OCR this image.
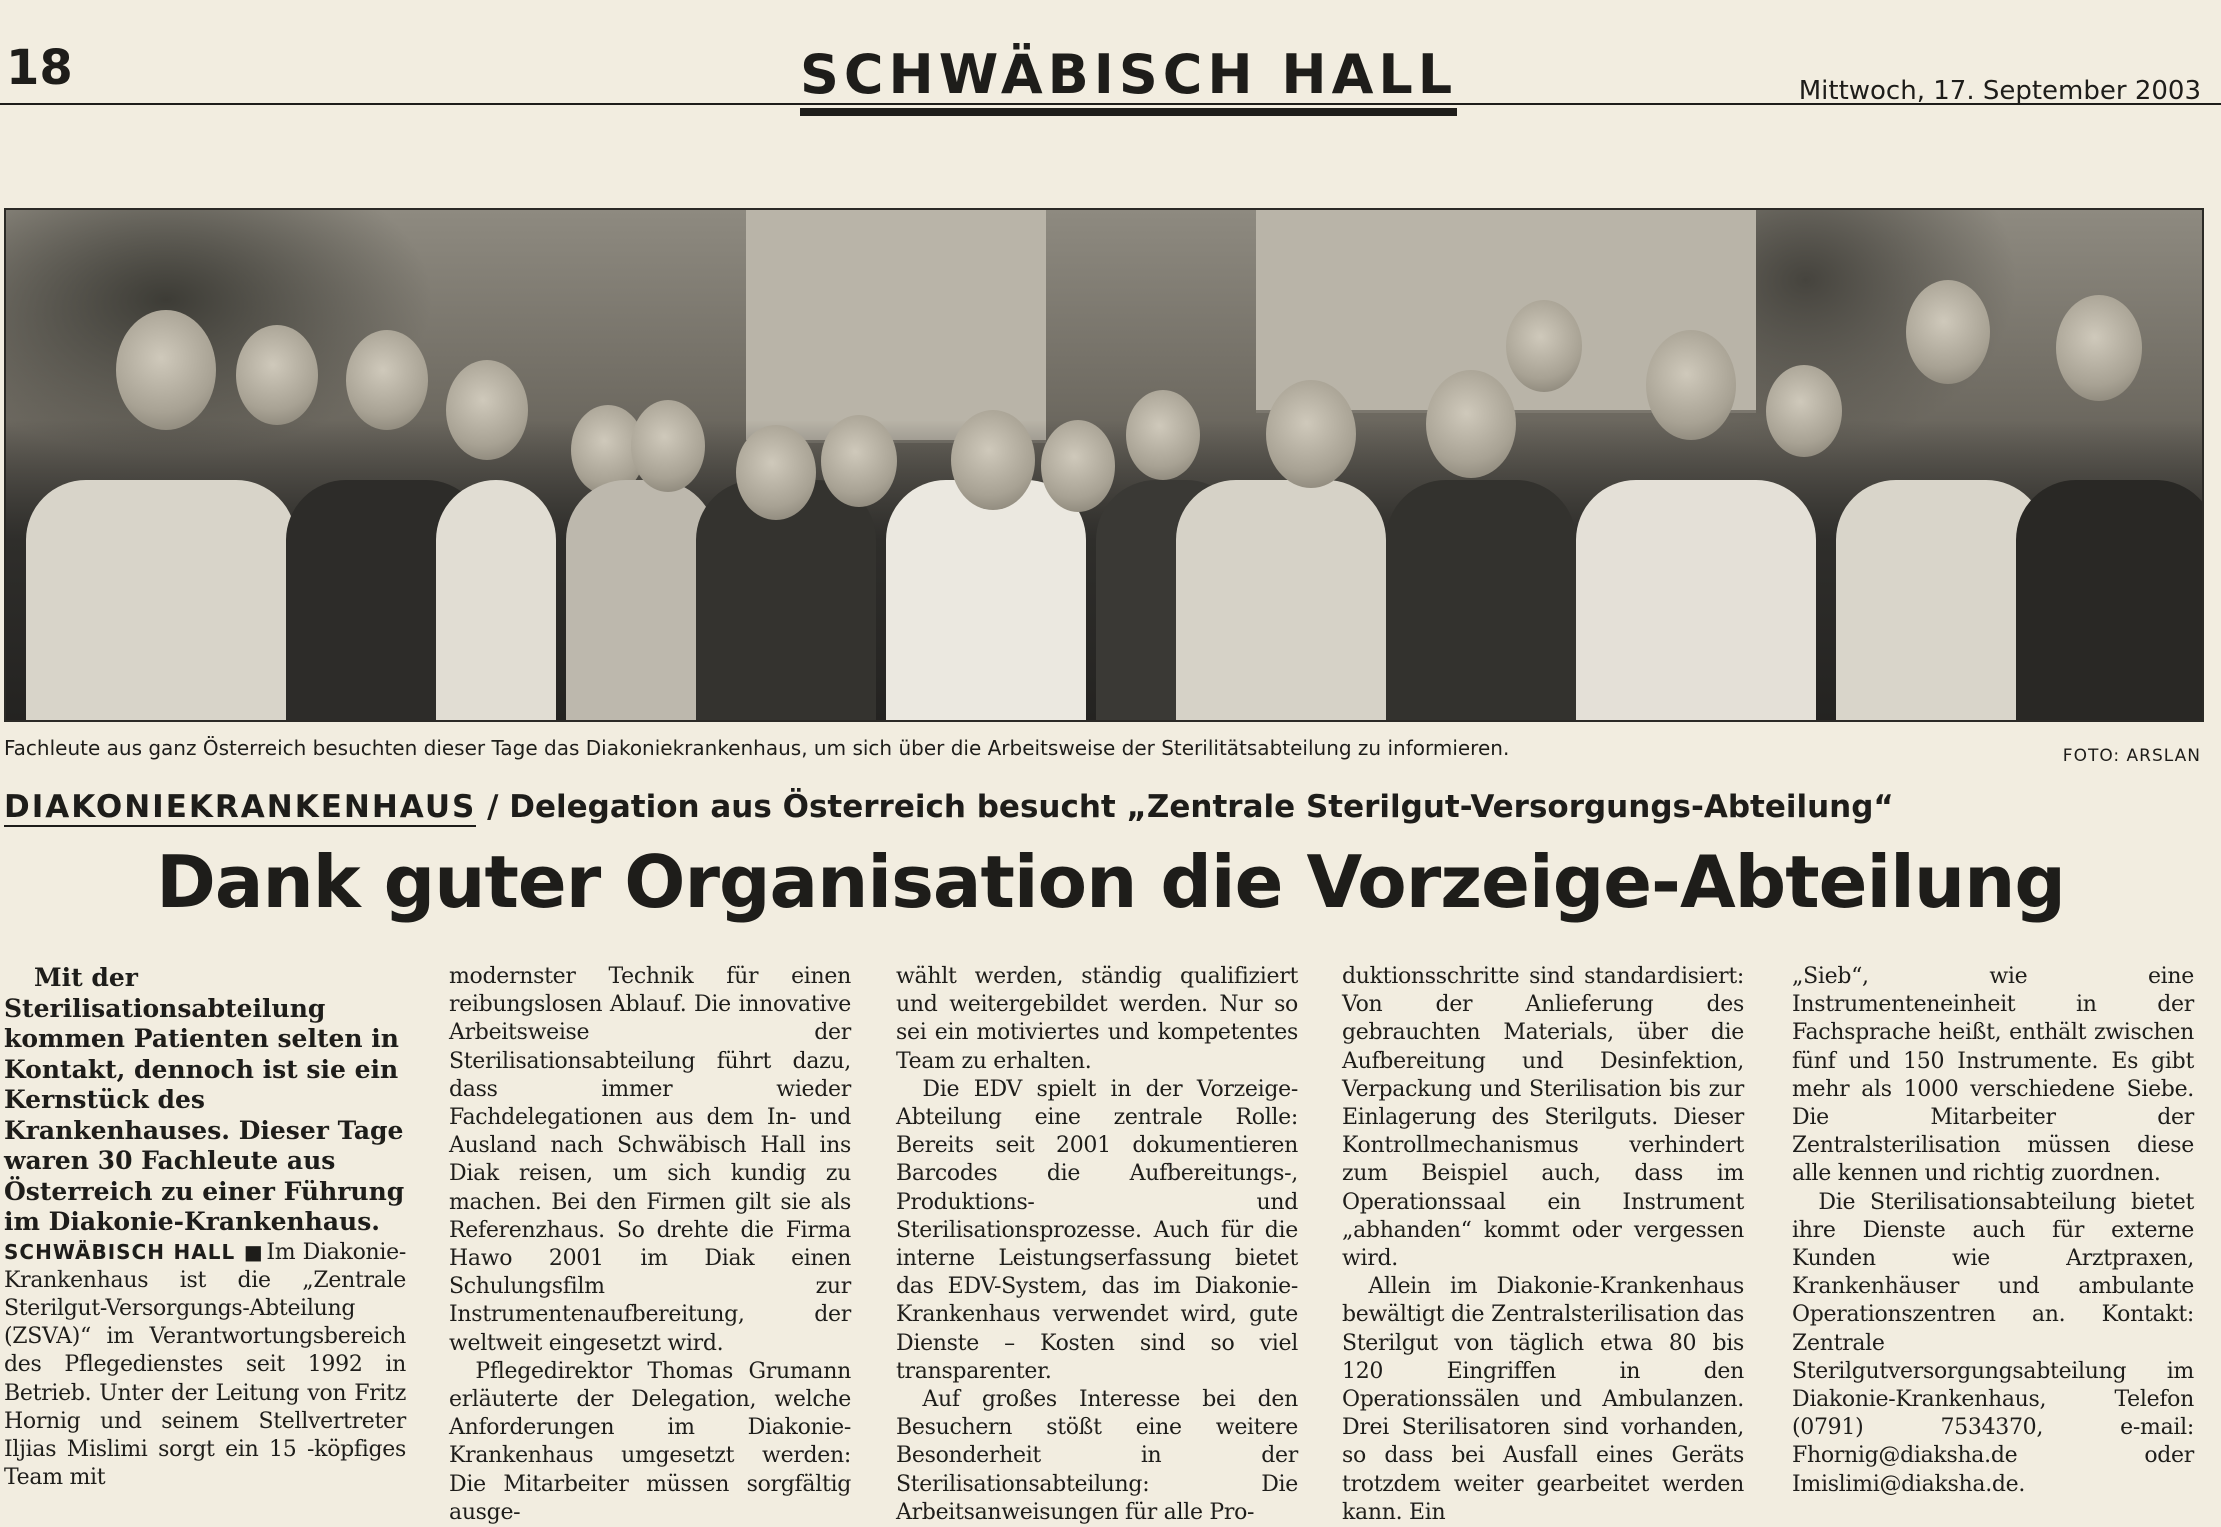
18	SCHWÄBISCH HALL	Mittwoch, 17. September 2003

Fachleute aus ganz Österreich besuchten dieser Tage das Diakoniekrankenhaus, um sich über die Arbeitsweise der Sterilitätsabteilung zu informieren.	FOTO: ARSLAN

DIAKONIEKRANKENHAUS / Delegation aus Österreich besucht „Zentrale Sterilgut-Versorgungs-Abteilung“

Dank guter Organisation die Vorzeige-Abteilung

Mit der Sterilisationsabteilung kommen Patienten selten in Kontakt, dennoch ist sie ein Kernstück des Krankenhauses. Dieser Tage waren 30 Fachleute aus Österreich zu einer Führung im Diakonie-Krankenhaus.

SCHWÄBISCH HALL ■ Im Diakonie-Krankenhaus ist die „Zentrale Sterilgut-Versorgungs-Abteilung (ZSVA)“ im Verantwortungsbereich des Pflegedienstes seit 1992 in Betrieb. Unter der Leitung von Fritz Hornig und seinem Stellvertreter Iljias Mislimi sorgt ein 15 -köpfiges Team mit

modernster Technik für einen reibungslosen Ablauf. Die innovative Arbeitsweise der Sterilisationsabteilung führt dazu, dass immer wieder Fachdelegationen aus dem In- und Ausland nach Schwäbisch Hall ins Diak reisen, um sich kundig zu machen. Bei den Firmen gilt sie als Referenzhaus. So drehte die Firma Hawo 2001 im Diak einen Schulungsfilm zur Instrumentenaufbereitung, der weltweit eingesetzt wird.

Pflegedirektor Thomas Grumann erläuterte der Delegation, welche Anforderungen im Diakonie-Krankenhaus umgesetzt werden: Die Mitarbeiter müssen sorgfältig ausge-

wählt werden, ständig qualifiziert und weitergebildet werden. Nur so sei ein motiviertes und kompetentes Team zu erhalten.

Die EDV spielt in der Vorzeige-Abteilung eine zentrale Rolle: Bereits seit 2001 dokumentieren Barcodes die Aufbereitungs-, Produktions- und Sterilisationsprozesse. Auch für die interne Leistungserfassung bietet das EDV-System, das im Diakonie-Krankenhaus verwendet wird, gute Dienste – Kosten sind so viel transparenter.

Auf großes Interesse bei den Besuchern stößt eine weitere Besonderheit in der Sterilisationsabteilung: Die Arbeitsanweisungen für alle Pro-

duktionsschritte sind standardisiert: Von der Anlieferung des gebrauchten Materials, über die Aufbereitung und Desinfektion, Verpackung und Sterilisation bis zur Einlagerung des Sterilguts. Dieser Kontrollmechanismus verhindert zum Beispiel auch, dass im Operationssaal ein Instrument „abhanden“ kommt oder vergessen wird.

Allein im Diakonie-Krankenhaus bewältigt die Zentralsterilisation das Sterilgut von täglich etwa 80 bis 120 Eingriffen in den Operationssälen und Ambulanzen. Drei Sterilisatoren sind vorhanden, so dass bei Ausfall eines Geräts trotzdem weiter gearbeitet werden kann. Ein

„Sieb“, wie eine Instrumenteneinheit in der Fachsprache heißt, enthält zwischen fünf und 150 Instrumente. Es gibt mehr als 1000 verschiedene Siebe. Die Mitarbeiter der Zentralsterilisation müssen diese alle kennen und richtig zuordnen.

Die Sterilisationsabteilung bietet ihre Dienste auch für externe Kunden wie Arztpraxen, Krankenhäuser und ambulante Operationszentren an. Kontakt: Zentrale Sterilgutversorgungsabteilung im Diakonie-Krankenhaus, Telefon (0791) 7534370, e-mail: Fhornig@diaksha.de oder Imislimi@diaksha.de.
